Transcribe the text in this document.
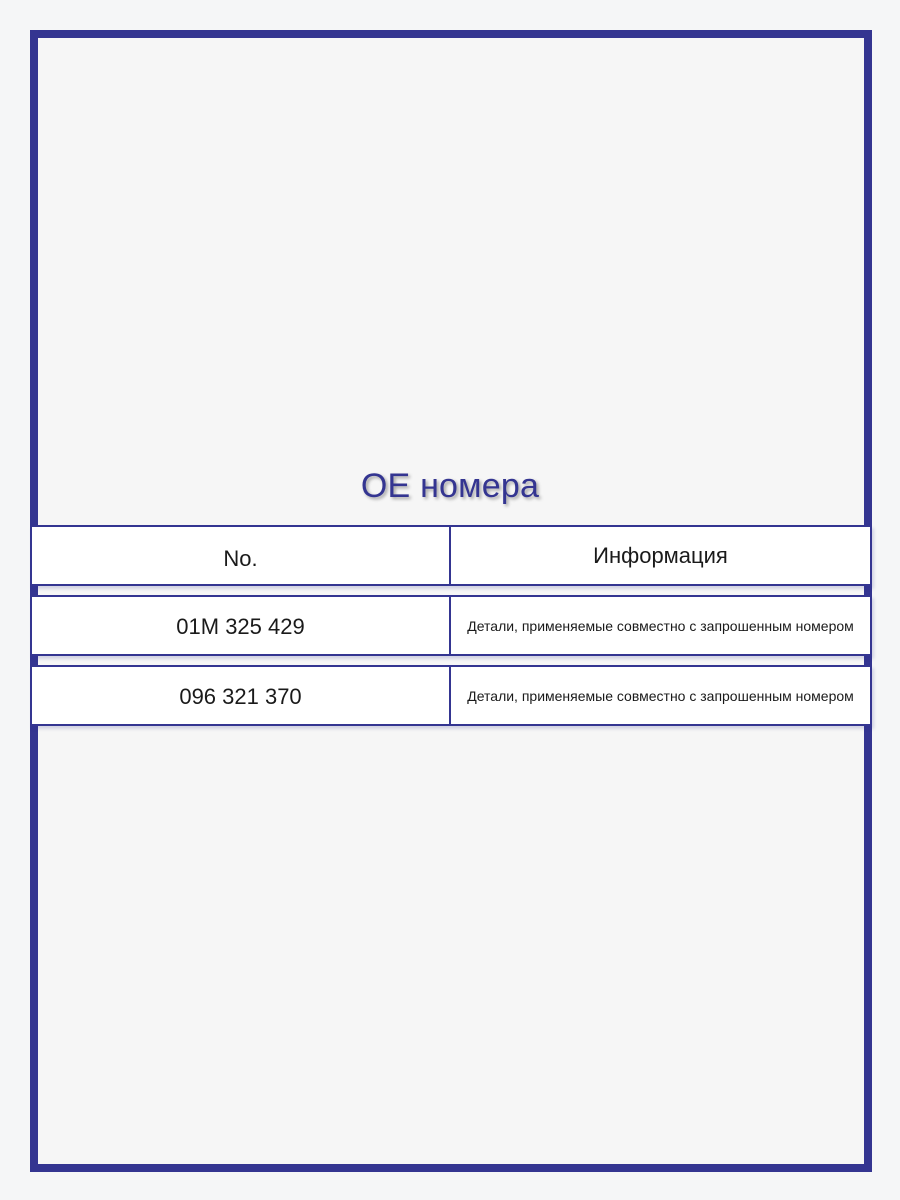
OE номера
No.	Информация
01M 325 429	Детали, применяемые совместно с запрошенным номером
096 321 370	Детали, применяемые совместно с запрошенным номером
